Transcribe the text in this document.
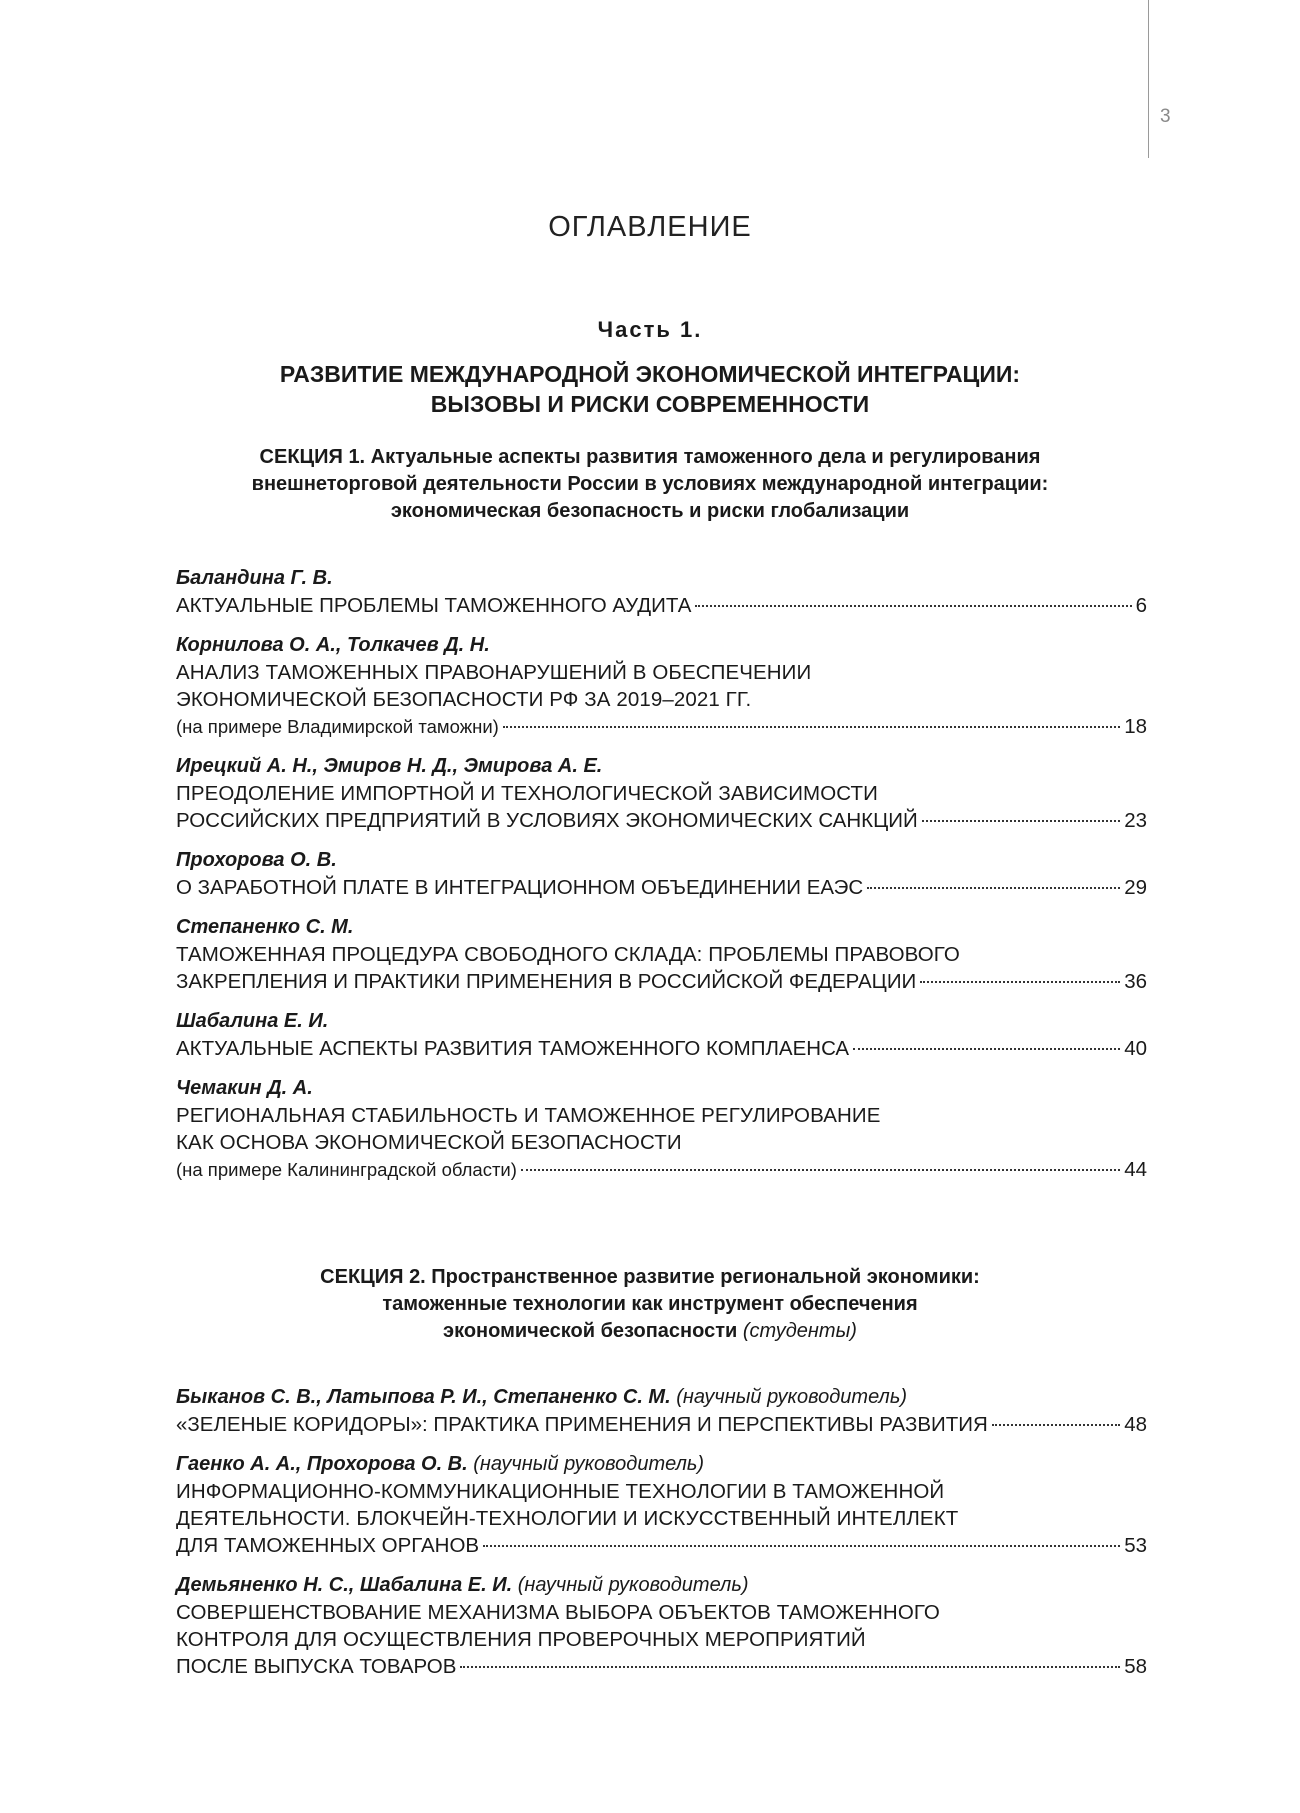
3
ОГЛАВЛЕНИЕ
Часть 1.
РАЗВИТИЕ МЕЖДУНАРОДНОЙ ЭКОНОМИЧЕСКОЙ ИНТЕГРАЦИИ:
ВЫЗОВЫ И РИСКИ СОВРЕМЕННОСТИ
СЕКЦИЯ 1. Актуальные аспекты развития таможенного дела и регулирования
внешнеторговой деятельности России в условиях международной интеграции:
экономическая безопасность и риски глобализации
Баландина Г. В.
АКТУАЛЬНЫЕ ПРОБЛЕМЫ ТАМОЖЕННОГО АУДИТА	6
Корнилова О. А., Толкачев Д. Н.
АНАЛИЗ ТАМОЖЕННЫХ ПРАВОНАРУШЕНИЙ В ОБЕСПЕЧЕНИИ
ЭКОНОМИЧЕСКОЙ БЕЗОПАСНОСТИ РФ ЗА 2019–2021 ГГ.
(на примере Владимирской таможни)	18
Ирецкий А. Н., Эмиров Н. Д., Эмирова А. Е.
ПРЕОДОЛЕНИЕ ИМПОРТНОЙ И ТЕХНОЛОГИЧЕСКОЙ ЗАВИСИМОСТИ
РОССИЙСКИХ ПРЕДПРИЯТИЙ В УСЛОВИЯХ ЭКОНОМИЧЕСКИХ САНКЦИЙ	23
Прохорова О. В.
О ЗАРАБОТНОЙ ПЛАТЕ В ИНТЕГРАЦИОННОМ ОБЪЕДИНЕНИИ ЕАЭС	29
Степаненко С. М.
ТАМОЖЕННАЯ ПРОЦЕДУРА СВОБОДНОГО СКЛАДА: ПРОБЛЕМЫ ПРАВОВОГО
ЗАКРЕПЛЕНИЯ И ПРАКТИКИ ПРИМЕНЕНИЯ В РОССИЙСКОЙ ФЕДЕРАЦИИ	36
Шабалина Е. И.
АКТУАЛЬНЫЕ АСПЕКТЫ РАЗВИТИЯ ТАМОЖЕННОГО КОМПЛАЕНСА	40
Чемакин Д. А.
РЕГИОНАЛЬНАЯ СТАБИЛЬНОСТЬ И ТАМОЖЕННОЕ РЕГУЛИРОВАНИЕ
КАК ОСНОВА ЭКОНОМИЧЕСКОЙ БЕЗОПАСНОСТИ
(на примере Калининградской области)	44
СЕКЦИЯ 2. Пространственное развитие региональной экономики:
таможенные технологии как инструмент обеспечения
экономической безопасности (студенты)
Быканов С. В., Латыпова Р. И., Степаненко С. М. (научный руководитель)
«ЗЕЛЕНЫЕ КОРИДОРЫ»: ПРАКТИКА ПРИМЕНЕНИЯ И ПЕРСПЕКТИВЫ РАЗВИТИЯ	48
Гаенко А. А., Прохорова О. В. (научный руководитель)
ИНФОРМАЦИОННО-КОММУНИКАЦИОННЫЕ ТЕХНОЛОГИИ В ТАМОЖЕННОЙ
ДЕЯТЕЛЬНОСТИ. БЛОКЧЕЙН-ТЕХНОЛОГИИ И ИСКУССТВЕННЫЙ ИНТЕЛЛЕКТ
ДЛЯ ТАМОЖЕННЫХ ОРГАНОВ	53
Демьяненко Н. С., Шабалина Е. И. (научный руководитель)
СОВЕРШЕНСТВОВАНИЕ МЕХАНИЗМА ВЫБОРА ОБЪЕКТОВ ТАМОЖЕННОГО
КОНТРОЛЯ ДЛЯ ОСУЩЕСТВЛЕНИЯ ПРОВЕРОЧНЫХ МЕРОПРИЯТИЙ
ПОСЛЕ ВЫПУСКА ТОВАРОВ	58
